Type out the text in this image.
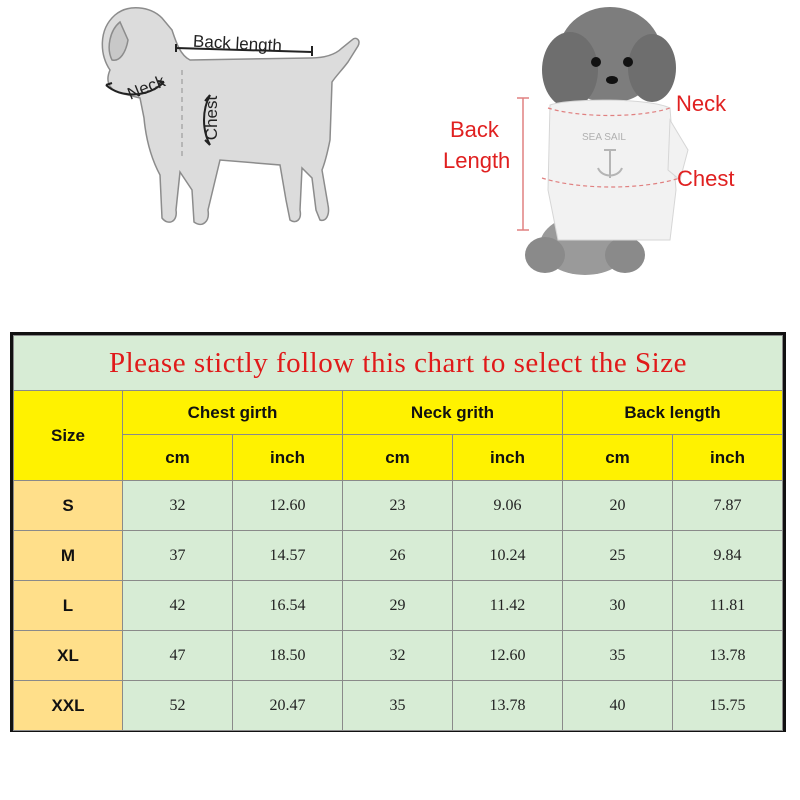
Back length
Neck
Chest	SEA SAIL
Back
Length
Neck
Chest
Please stictly follow this chart to select the Size						
Size	Chest girth		Neck grith		Back length	
	cm	inch	cm	inch	cm	inch
S	32	12.60	23	9.06	20	7.87
M	37	14.57	26	10.24	25	9.84
L	42	16.54	29	11.42	30	11.81
XL	47	18.50	32	12.60	35	13.78
XXL	52	20.47	35	13.78	40	15.75
